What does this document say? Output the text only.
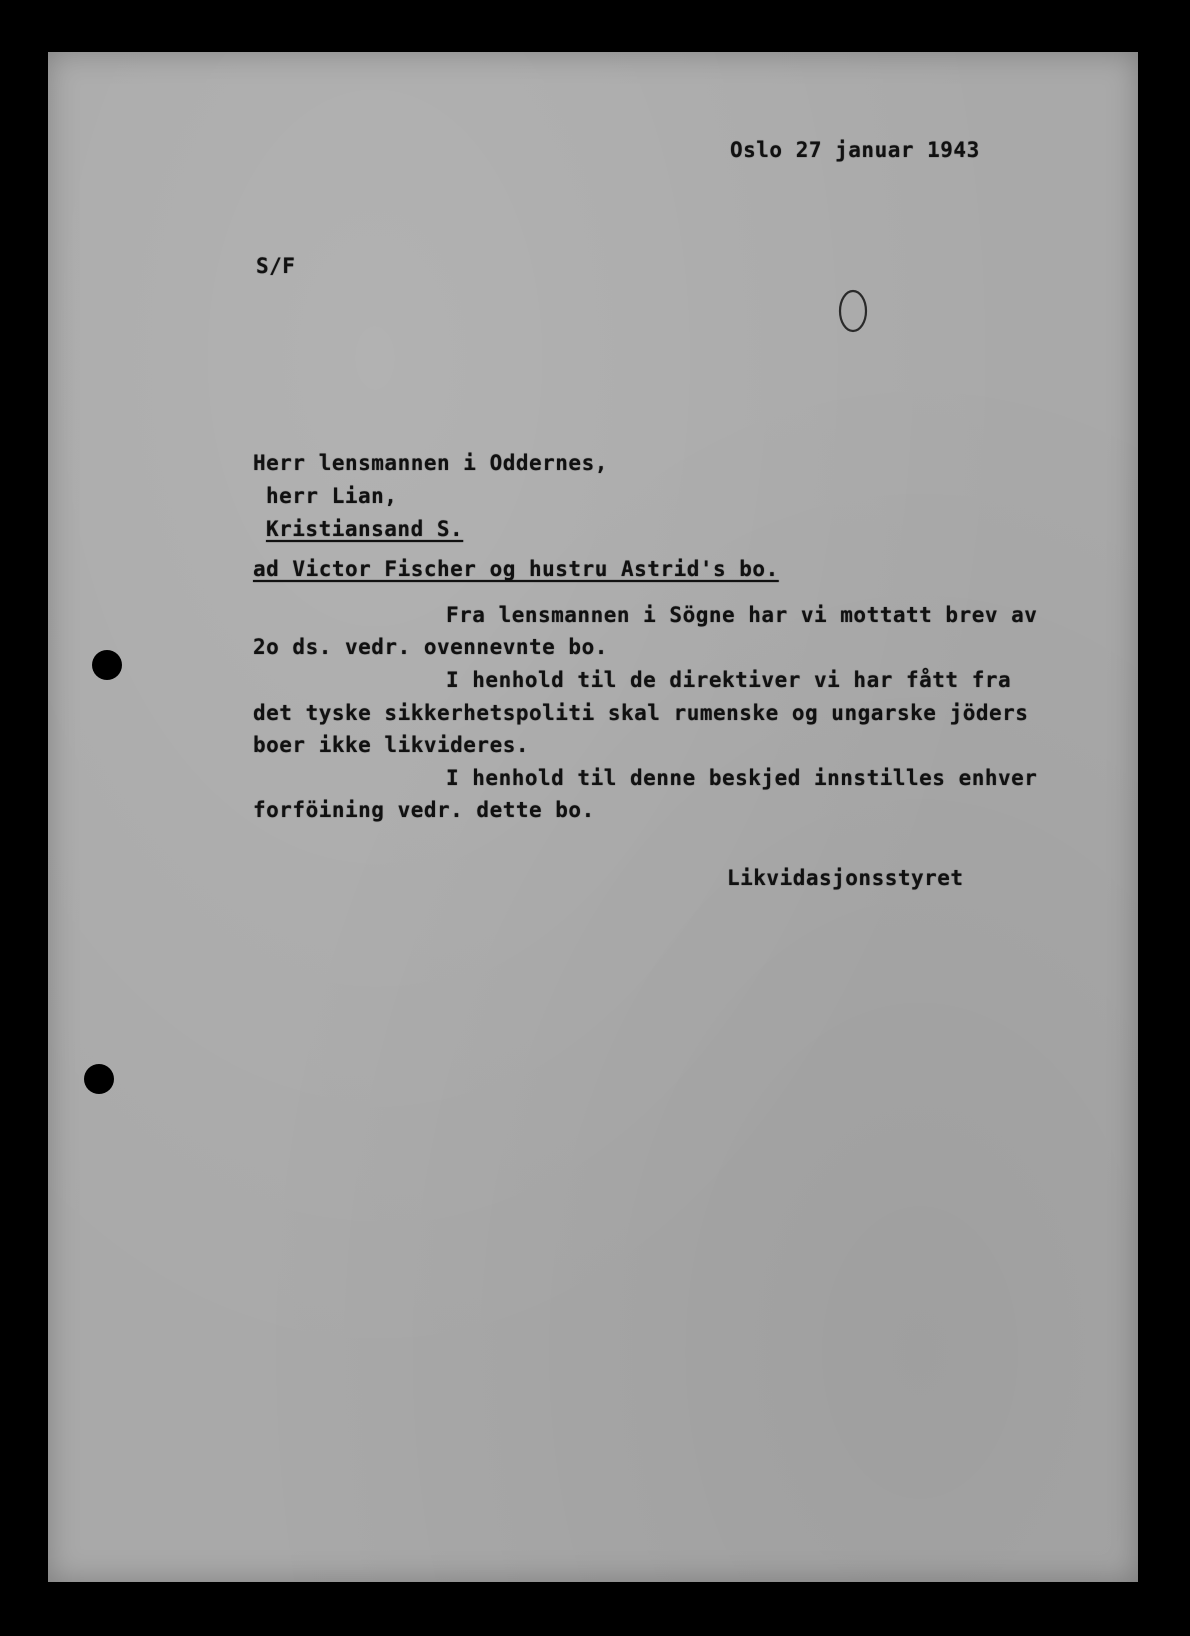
Oslo 27 januar 1943
S/F
Herr lensmannen i Oddernes,
herr Lian,
Kristiansand S.
ad Victor Fischer og hustru Astrid's bo.
Fra lensmannen i Sögne har vi mottatt brev av
2o ds. vedr. ovennevnte bo.
I henhold til de direktiver vi har fått fra
det tyske sikkerhetspoliti skal rumenske og ungarske jöders
boer ikke likvideres.
I henhold til denne beskjed innstilles enhver
forföining vedr. dette bo.
Likvidasjonsstyret
